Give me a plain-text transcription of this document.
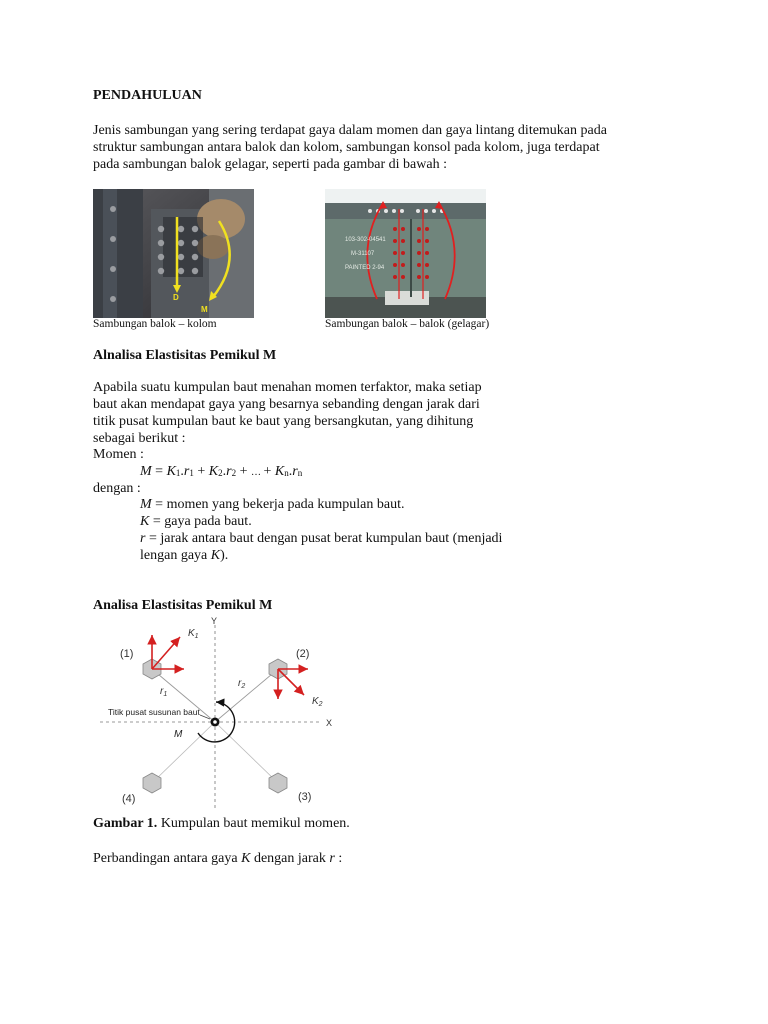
PENDAHULUAN
Jenis sambungan yang sering terdapat gaya dalam momen dan gaya lintang ditemukan pada
struktur sambungan antara balok dan kolom, sambungan konsol pada kolom, juga terdapat
pada sambungan balok gelagar, seperti pada gambar di bawah :
D
M
Sambungan balok – kolom
103-302-04541
M-31107
PAINTED 2-94
Sambungan balok – balok (gelagar)
Alnalisa Elastisitas Pemikul M
Apabila suatu kumpulan baut menahan momen terfaktor, maka setiap
baut akan mendapat gaya yang besarnya sebanding dengan jarak dari
titik pusat kumpulan baut ke baut yang bersangkutan, yang dihitung
sebagai berikut :
Momen :
$M = K_1.r_1 + K_2.r_2$ + … + $K_n.r_n$
dengan :
M = momen yang bekerja pada kumpulan baut.
K = gaya pada baut.
r = jarak antara baut dengan pusat berat kumpulan baut (menjadi
lengan gaya K).
Analisa Elastisitas Pemikul M
Y
X
(1)	(2)
(3)
(4)
$K_1$
$K_2$
$r_1$
$r_2$
Titik pusat susunan baut
M
Gambar 1. Kumpulan baut memikul momen.
Perbandingan antara gaya K dengan jarak r :
